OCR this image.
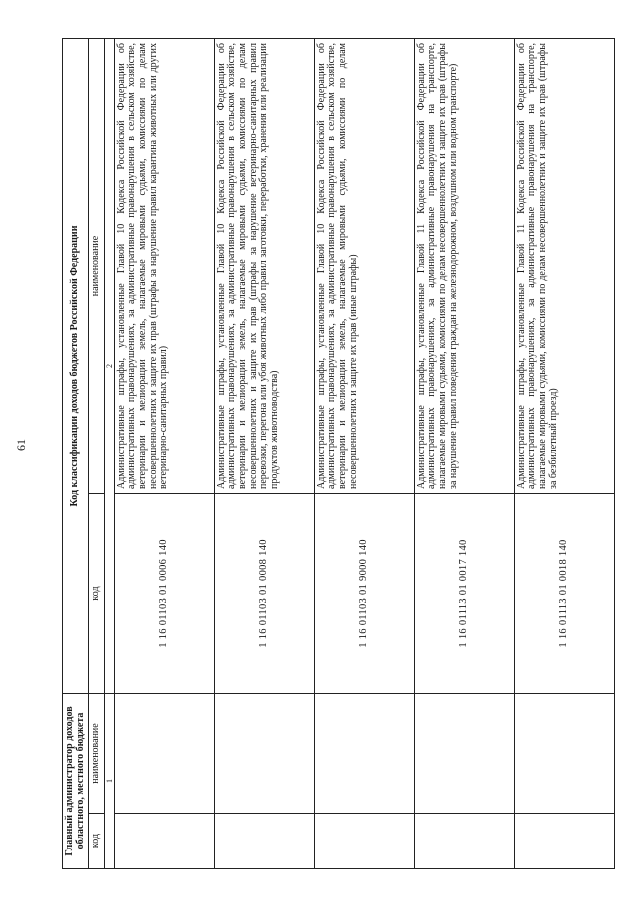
61
Главный администратор доходов областного, местного бюджета		Код классификации доходов бюджетов Российской Федерации	
код	наименование	код	наименование
1		2	
		1 16 01103 01 0006 140	Административные штрафы, установленные Главой 10 Кодекса Российской Федерации об административных правонарушениях, за административные правонарушения в сельском хозяйстве, ветеринарии и мелиорации земель, налагаемые мировыми судьями, комиссиями по делам несовершеннолетних и защите их прав (штрафы за нарушение правил карантина животных или других ветеринарно-санитарных правил)
		1 16 01103 01 0008 140	Административные штрафы, установленные Главой 10 Кодекса Российской Федерации об административных правонарушениях, за административные правонарушения в сельском хозяйстве, ветеринарии и мелиорации земель, налагаемые мировыми судьями, комиссиями по делам несовершеннолетних и защите их прав (штрафы за нарушение ветеринарно-санитарных правил перевозки, перегона или убоя животных либо правил заготовки, переработки, хранения или реализации продуктов животноводства)
		1 16 01103 01 9000 140	Административные штрафы, установленные Главой 10 Кодекса Российской Федерации об административных правонарушениях, за административные правонарушения в сельском хозяйстве, ветеринарии и мелиорации земель, налагаемые мировыми судьями, комиссиями по делам несовершеннолетних и защите их прав (иные штрафы)
		1 16 01113 01 0017 140	Административные штрафы, установленные Главой 11 Кодекса Российской Федерации об административных правонарушениях, за административные правонарушения на транспорте, налагаемые мировыми судьями, комиссиями по делам несовершеннолетних и защите их прав (штрафы за нарушение правил поведения граждан на железнодорожном, воздушном или водном транспорте)
		1 16 01113 01 0018 140	Административные штрафы, установленные Главой 11 Кодекса Российской Федерации об административных правонарушениях, за административные правонарушения на транспорте, налагаемые мировыми судьями, комиссиями по делам несовершеннолетних и защите их прав (штрафы за безбилетный проезд)
